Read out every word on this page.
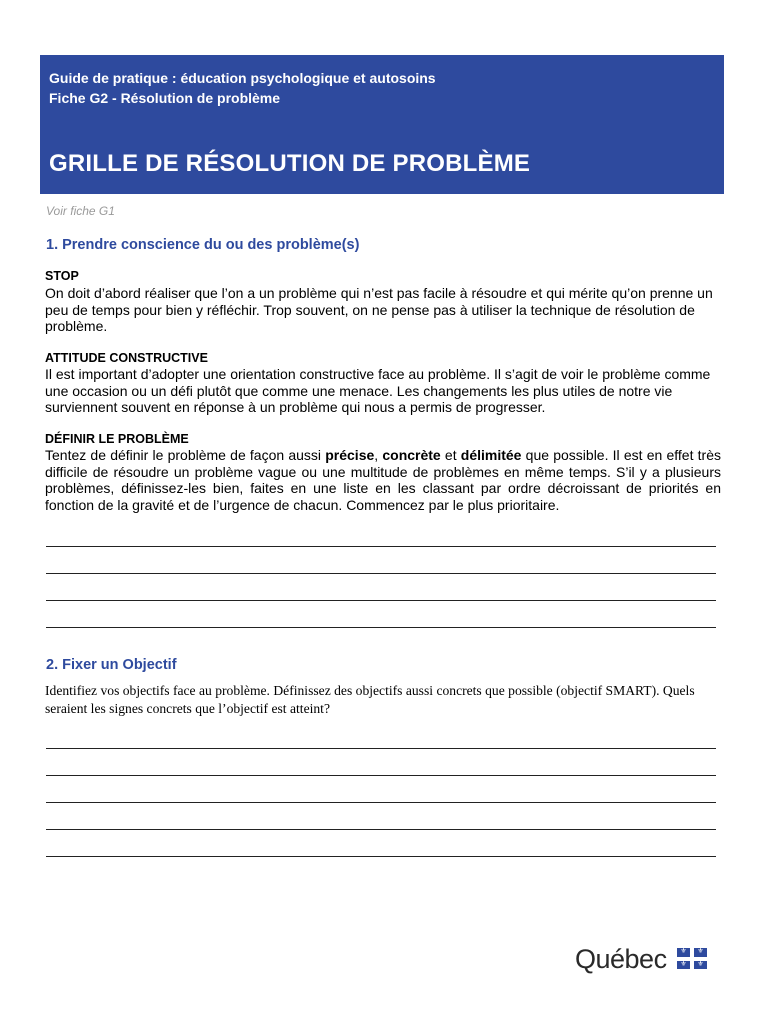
Guide de pratique : éducation psychologique et autosoins
Fiche G2 - Résolution de problème
GRILLE DE RÉSOLUTION DE PROBLÈME
Voir fiche G1
1. Prendre conscience du ou des problème(s)
STOP
On doit d’abord réaliser que l’on a un problème qui n’est pas facile à résoudre et qui mérite qu’on prenne un peu de temps pour bien y réfléchir. Trop souvent, on ne pense pas à utiliser la technique de résolution de problème.
ATTITUDE CONSTRUCTIVE
Il est important d’adopter une orientation constructive face au problème. Il s’agit de voir le problème comme une occasion ou un défi plutôt que comme une menace. Les changements les plus utiles de notre vie surviennent souvent en réponse à un problème qui nous a permis de progresser.
DÉFINIR LE PROBLÈME
Tentez de définir le problème de façon aussi précise, concrète et délimitée que possible. Il est en effet très difficile de résoudre un problème vague ou une multitude de problèmes en même temps. S’il y a plusieurs problèmes, définissez-les bien, faites en une liste en les classant par ordre décroissant de priorités en fonction de la gravité et de l’urgence de chacun. Commencez par le plus prioritaire.
2. Fixer un Objectif
Identifiez vos objectifs face au problème. Définissez des objectifs aussi concrets que possible (objectif SMART). Quels seraient les signes concrets que l’objectif est atteint?
Québec	⚜	⚜
⚜	⚜
